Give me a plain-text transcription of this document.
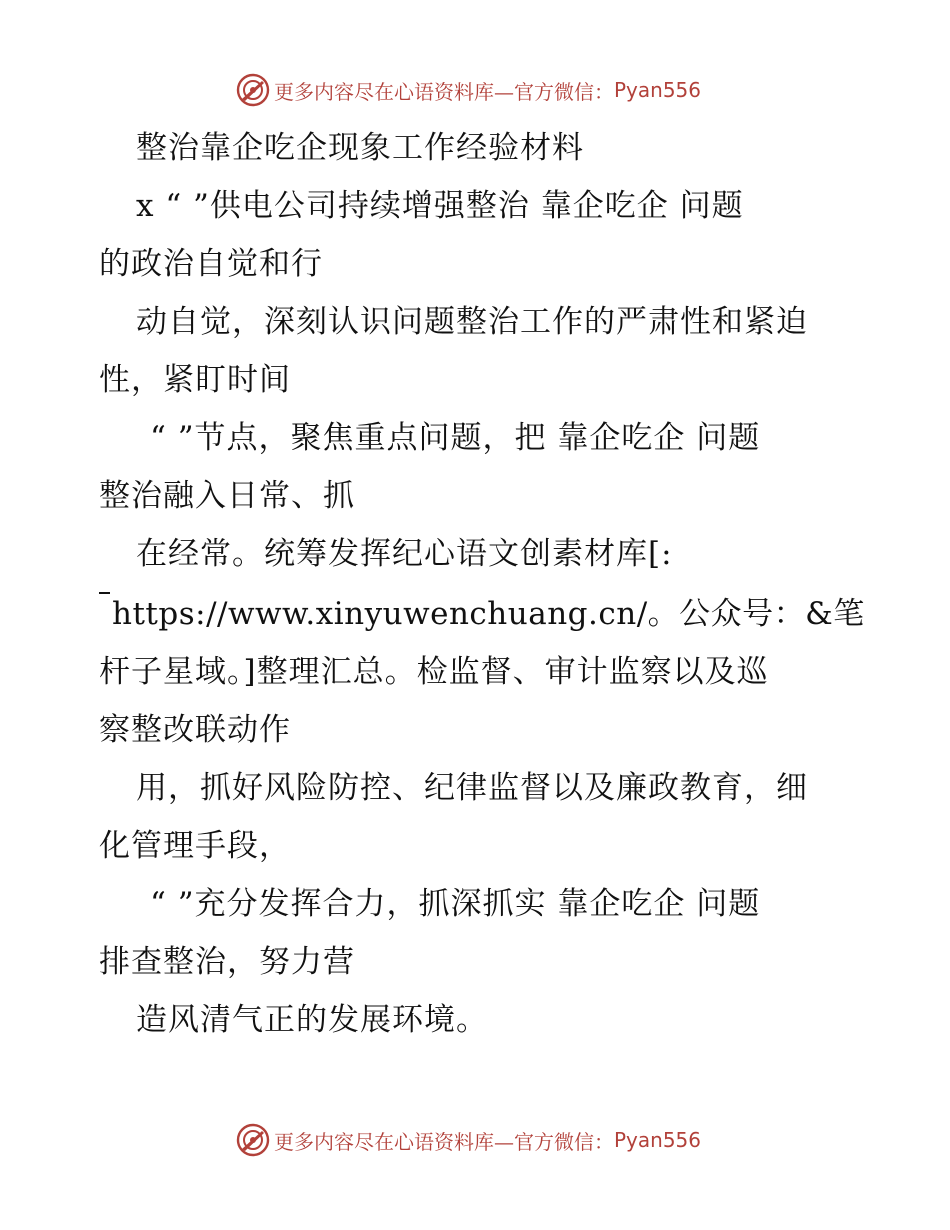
更多内容尽在心语资料库—官方微信： Pyan556
整治靠企吃企现象工作经验材料
x “ ”供电公司持续增强整治 靠企吃企 问题
的政治自觉和行
动自觉，深刻认识问题整治工作的严肃性和紧迫
性，紧盯时间
“ ”节点，聚焦重点问题，把 靠企吃企 问题
整治融入日常、抓
在经常。统筹发挥纪心语文创素材库[:
https://www.xinyuwenchuang.cn/。公众号：&笔
杆子星域。]整理汇总。检监督、审计监察以及巡
察整改联动作
用，抓好风险防控、纪律监督以及廉政教育，细
化管理手段，
“ ”充分发挥合力，抓深抓实 靠企吃企 问题
排查整治，努力营
造风清气正的发展环境。
更多内容尽在心语资料库—官方微信： Pyan556
